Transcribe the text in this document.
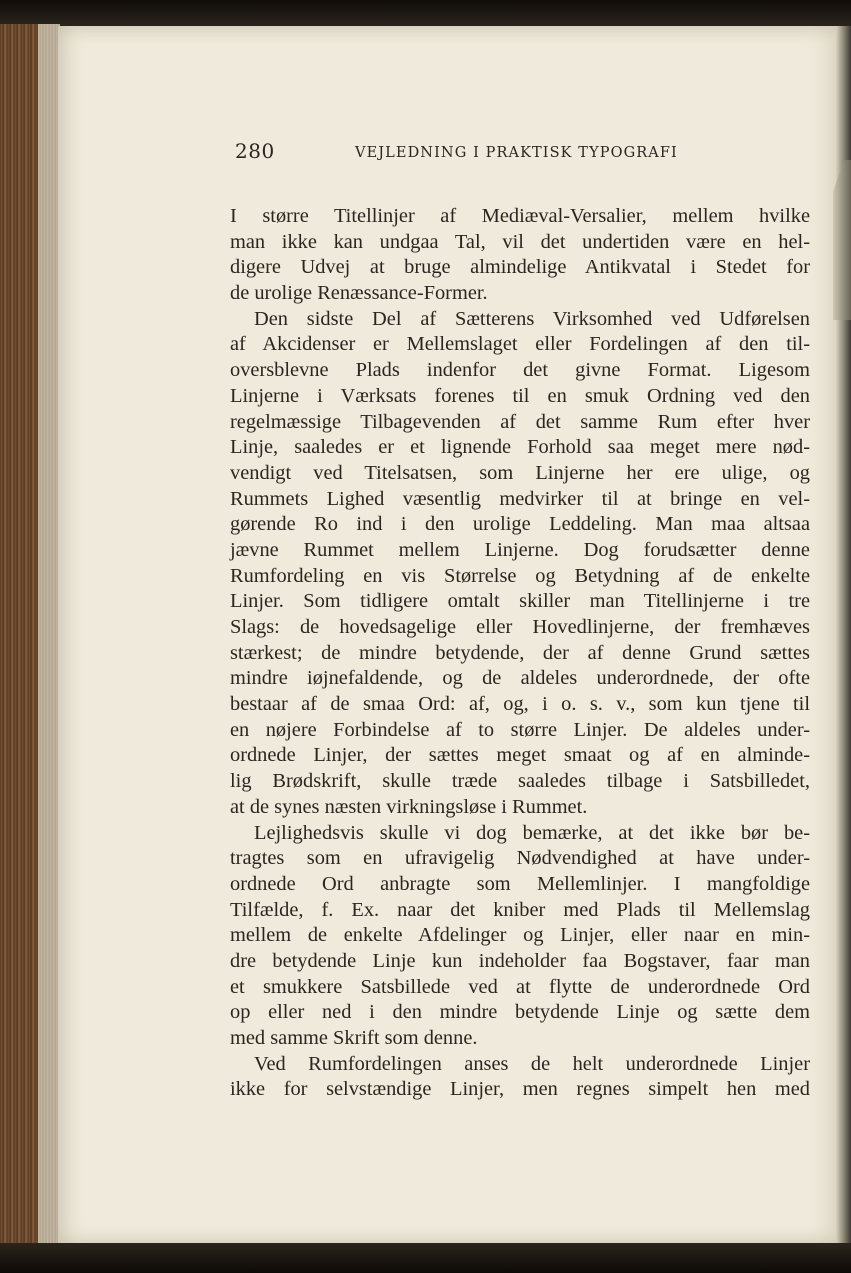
280	VEJLEDNING I PRAKTISK TYPOGRAFI
I større Titellinjer af Mediæval-Versalier, mellem hvilke
man ikke kan undgaa Tal, vil det undertiden være en hel-
digere Udvej at bruge almindelige Antikvatal i Stedet for
de urolige Renæssance-Former.
Den sidste Del af Sætterens Virksomhed ved Udførelsen
af Akcidenser er Mellemslaget eller Fordelingen af den til-
oversblevne Plads indenfor det givne Format. Ligesom
Linjerne i Værksats forenes til en smuk Ordning ved den
regelmæssige Tilbagevenden af det samme Rum efter hver
Linje, saaledes er et lignende Forhold saa meget mere nød-
vendigt ved Titelsatsen, som Linjerne her ere ulige, og
Rummets Lighed væsentlig medvirker til at bringe en vel-
gørende Ro ind i den urolige Leddeling. Man maa altsaa
jævne Rummet mellem Linjerne. Dog forudsætter denne
Rumfordeling en vis Størrelse og Betydning af de enkelte
Linjer. Som tidligere omtalt skiller man Titellinjerne i tre
Slags: de hovedsagelige eller Hovedlinjerne, der fremhæves
stærkest; de mindre betydende, der af denne Grund sættes
mindre iøjnefaldende, og de aldeles underordnede, der ofte
bestaar af de smaa Ord: af, og, i o. s. v., som kun tjene til
en nøjere Forbindelse af to større Linjer. De aldeles under-
ordnede Linjer, der sættes meget smaat og af en alminde-
lig Brødskrift, skulle træde saaledes tilbage i Satsbilledet,
at de synes næsten virkningsløse i Rummet.
Lejlighedsvis skulle vi dog bemærke, at det ikke bør be-
tragtes som en ufravigelig Nødvendighed at have under-
ordnede Ord anbragte som Mellemlinjer. I mangfoldige
Tilfælde, f. Ex. naar det kniber med Plads til Mellemslag
mellem de enkelte Afdelinger og Linjer, eller naar en min-
dre betydende Linje kun indeholder faa Bogstaver, faar man
et smukkere Satsbillede ved at flytte de underordnede Ord
op eller ned i den mindre betydende Linje og sætte dem
med samme Skrift som denne.
Ved Rumfordelingen anses de helt underordnede Linjer
ikke for selvstændige Linjer, men regnes simpelt hen med
